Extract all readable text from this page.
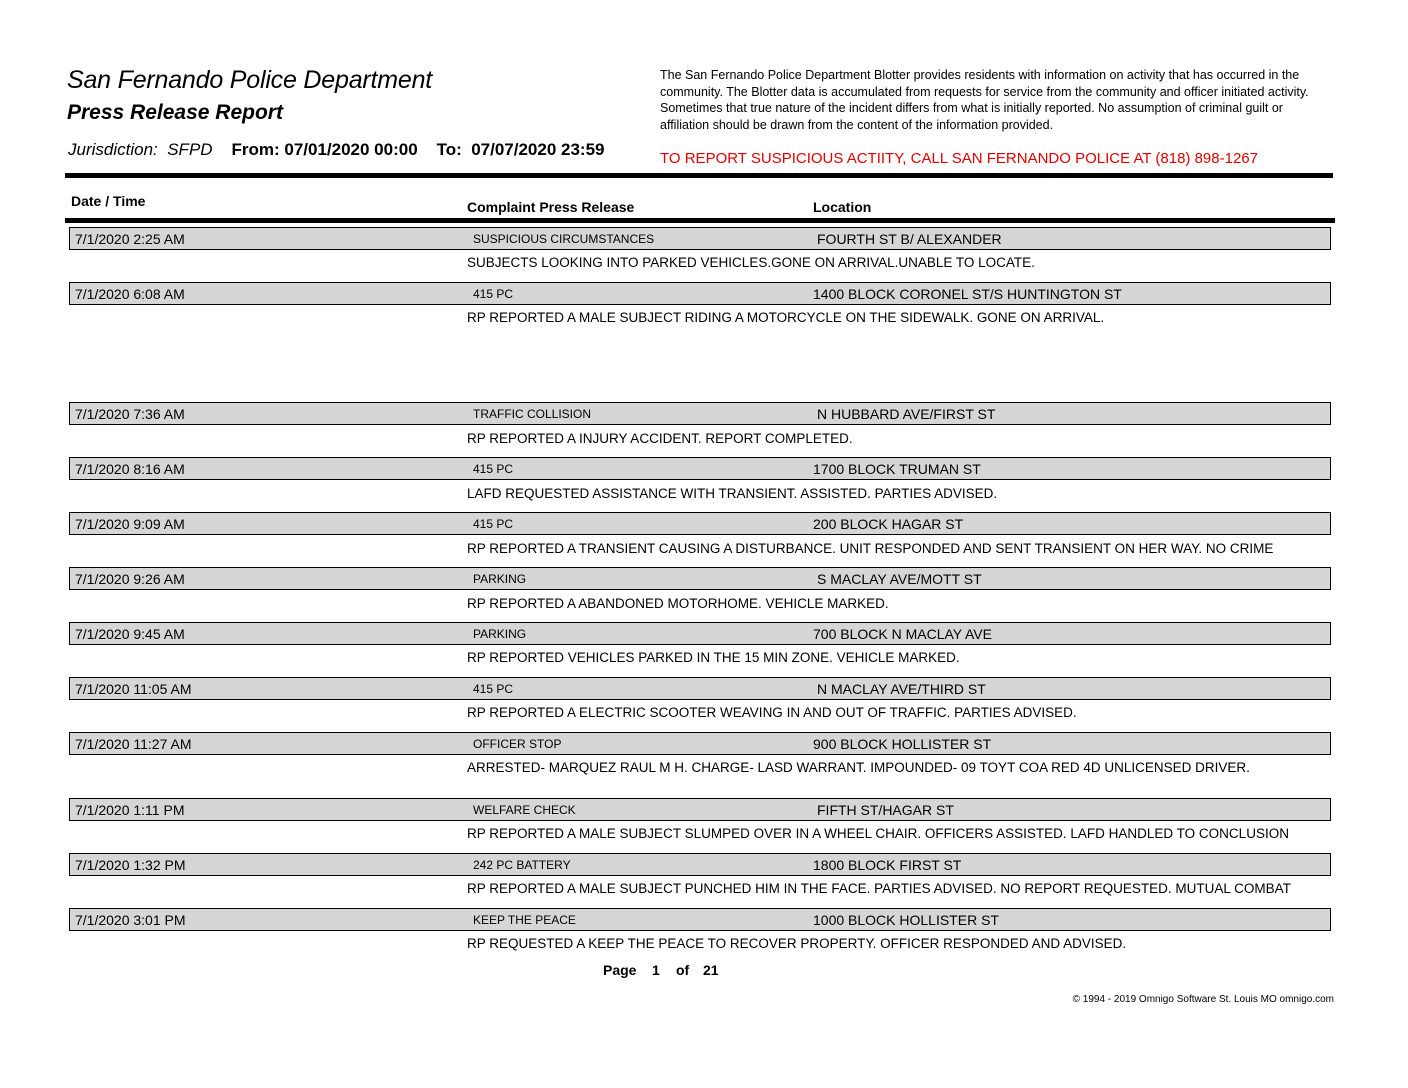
San Fernando Police Department
Press Release Report
Jurisdiction: SFPD From: 07/01/2020 00:00 To: 07/07/2020 23:59
The San Fernando Police Department Blotter provides residents with information on activity that has occurred in the community. The Blotter data is accumulated from requests for service from the community and officer initiated activity. Sometimes that true nature of the incident differs from what is initially reported. No assumption of criminal guilt or affiliation should be drawn from the content of the information provided.
TO REPORT SUSPICIOUS ACTIITY, CALL SAN FERNANDO POLICE AT (818) 898-1267
Date / Time	Complaint Press Release	Location
7/1/2020 2:25 AM	SUSPICIOUS CIRCUMSTANCES	FOURTH ST B/ ALEXANDER
SUBJECTS LOOKING INTO PARKED VEHICLES.GONE ON ARRIVAL.UNABLE TO LOCATE.
7/1/2020 6:08 AM	415 PC	1400 BLOCK CORONEL ST/S HUNTINGTON ST
RP REPORTED A MALE SUBJECT RIDING A MOTORCYCLE ON THE SIDEWALK. GONE ON ARRIVAL.
7/1/2020 7:36 AM	TRAFFIC COLLISION	N HUBBARD AVE/FIRST ST
RP REPORTED A INJURY ACCIDENT. REPORT COMPLETED.
7/1/2020 8:16 AM	415 PC	1700 BLOCK TRUMAN ST
LAFD REQUESTED ASSISTANCE WITH TRANSIENT. ASSISTED. PARTIES ADVISED.
7/1/2020 9:09 AM	415 PC	200 BLOCK HAGAR ST
RP REPORTED A TRANSIENT CAUSING A DISTURBANCE. UNIT RESPONDED AND SENT TRANSIENT ON HER WAY. NO CRIME
7/1/2020 9:26 AM	PARKING	S MACLAY AVE/MOTT ST
RP REPORTED A ABANDONED MOTORHOME. VEHICLE MARKED.
7/1/2020 9:45 AM	PARKING	700 BLOCK N MACLAY AVE
RP REPORTED VEHICLES PARKED IN THE 15 MIN ZONE. VEHICLE MARKED.
7/1/2020 11:05 AM	415 PC	N MACLAY AVE/THIRD ST
RP REPORTED A ELECTRIC SCOOTER WEAVING IN AND OUT OF TRAFFIC. PARTIES ADVISED.
7/1/2020 11:27 AM	OFFICER STOP	900 BLOCK HOLLISTER ST
ARRESTED- MARQUEZ RAUL M H. CHARGE- LASD WARRANT. IMPOUNDED- 09 TOYT COA RED 4D UNLICENSED DRIVER.
7/1/2020 1:11 PM	WELFARE CHECK	FIFTH ST/HAGAR ST
RP REPORTED A MALE SUBJECT SLUMPED OVER IN A WHEEL CHAIR. OFFICERS ASSISTED. LAFD HANDLED TO CONCLUSION
7/1/2020 1:32 PM	242 PC BATTERY	1800 BLOCK FIRST ST
RP REPORTED A MALE SUBJECT PUNCHED HIM IN THE FACE. PARTIES ADVISED. NO REPORT REQUESTED. MUTUAL COMBAT
7/1/2020 3:01 PM	KEEP THE PEACE	1000 BLOCK HOLLISTER ST
RP REQUESTED A KEEP THE PEACE TO RECOVER PROPERTY. OFFICER RESPONDED AND ADVISED.
Page 1 of 21
© 1994 - 2019 Omnigo Software St. Louis MO omnigo.com
